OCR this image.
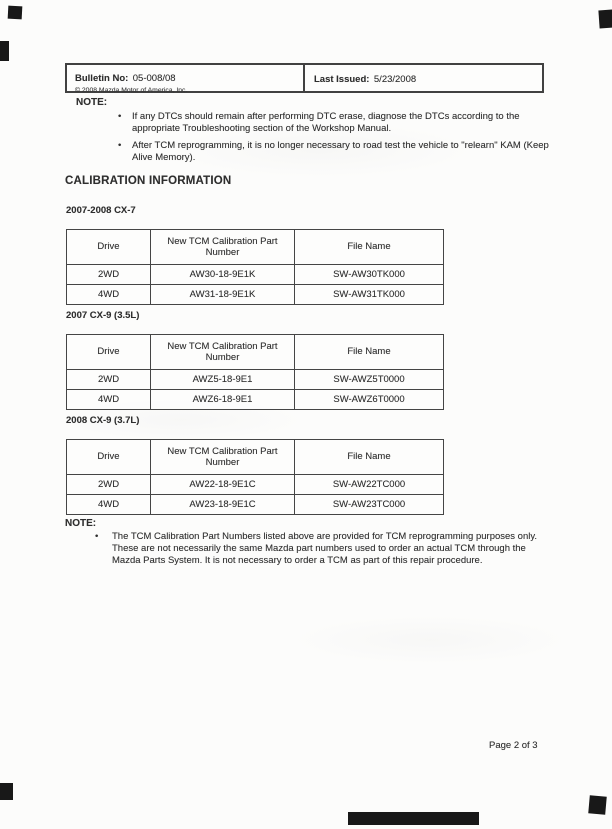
Bulletin No: 05-008/08
© 2008 Mazda Motor of America, Inc.
Last Issued: 5/23/2008
NOTE:
•
If any DTCs should remain after performing DTC erase, diagnose the DTCs according to the appropriate Troubleshooting section of the Workshop Manual.
•
After TCM reprogramming, it is no longer necessary to road test the vehicle to "relearn" KAM (Keep Alive Memory).
CALIBRATION INFORMATION
2007-2008 CX-7
Drive	New TCM Calibration Part Number	File Name
2WD	AW30-18-9E1K	SW-AW30TK000
4WD	AW31-18-9E1K	SW-AW31TK000
2007 CX-9 (3.5L)
Drive	New TCM Calibration Part Number	File Name
2WD	AWZ5-18-9E1	SW-AWZ5T0000
4WD	AWZ6-18-9E1	SW-AWZ6T0000
2008 CX-9 (3.7L)
Drive	New TCM Calibration Part Number	File Name
2WD	AW22-18-9E1C	SW-AW22TC000
4WD	AW23-18-9E1C	SW-AW23TC000
NOTE:
•
The TCM Calibration Part Numbers listed above are provided for TCM reprogramming purposes only. These are not necessarily the same Mazda part numbers used to order an actual TCM through the Mazda Parts System. It is not necessary to order a TCM as part of this repair procedure.
Page 2 of 3
